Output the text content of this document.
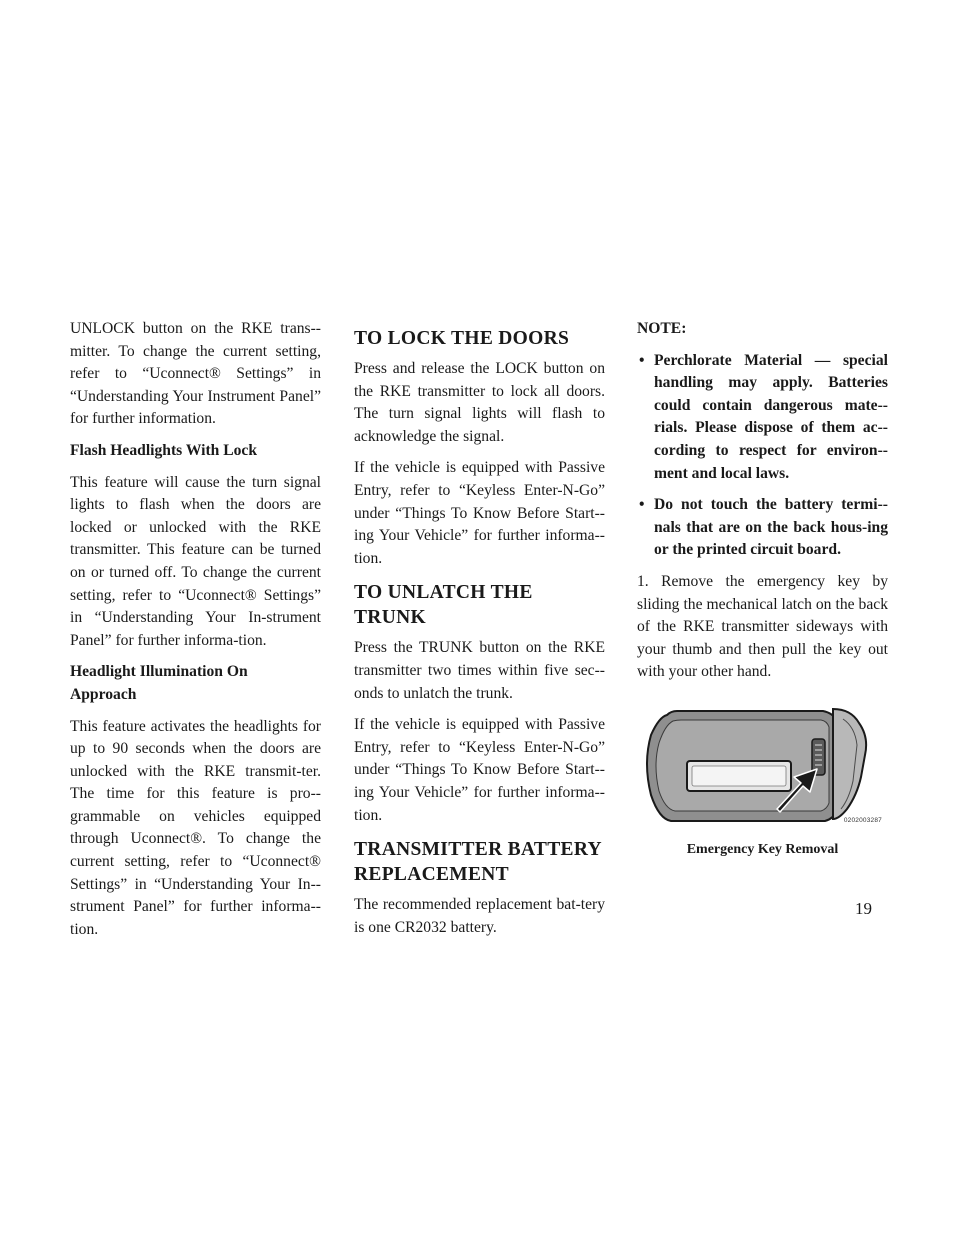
UNLOCK button on the RKE trans-mitter. To change the current setting, refer to “Uconnect® Settings” in “Understanding Your Instrument Panel” for further information.

Flash Headlights With Lock

This feature will cause the turn signal lights to flash when the doors are locked or unlocked with the RKE transmitter. This feature can be turned on or turned off. To change the current setting, refer to “Uconnect® Settings” in “Understanding Your In-strument Panel” for further informa-tion.

Headlight Illumination On Approach

This feature activates the headlights for up to 90 seconds when the doors are unlocked with the RKE transmit-ter. The time for this feature is pro-grammable on vehicles equipped through Uconnect®. To change the current setting, refer to “Uconnect® Settings” in “Understanding Your In-strument Panel” for further informa-tion.

TO LOCK THE DOORS

Press and release the LOCK button on the RKE transmitter to lock all doors. The turn signal lights will flash to acknowledge the signal.

If the vehicle is equipped with Passive Entry, refer to “Keyless Enter-N-Go” under “Things To Know Before Start-ing Your Vehicle” for further informa-tion.

TO UNLATCH THE TRUNK

Press the TRUNK button on the RKE transmitter two times within five sec-onds to unlatch the trunk.

If the vehicle is equipped with Passive Entry, refer to “Keyless Enter-N-Go” under “Things To Know Before Start-ing Your Vehicle” for further informa-tion.

TRANSMITTER BATTERY REPLACEMENT

The recommended replacement bat-tery is one CR2032 battery.

NOTE:
• Perchlorate Material — special handling may apply. Batteries could contain dangerous mate-rials. Please dispose of them ac-cording to respect for environ-ment and local laws.
• Do not touch the battery termi-nals that are on the back hous-ing or the printed circuit board.

1. Remove the emergency key by sliding the mechanical latch on the back of the RKE transmitter sideways with your thumb and then pull the key out with your other hand.

0202003287
Emergency Key Removal
19
